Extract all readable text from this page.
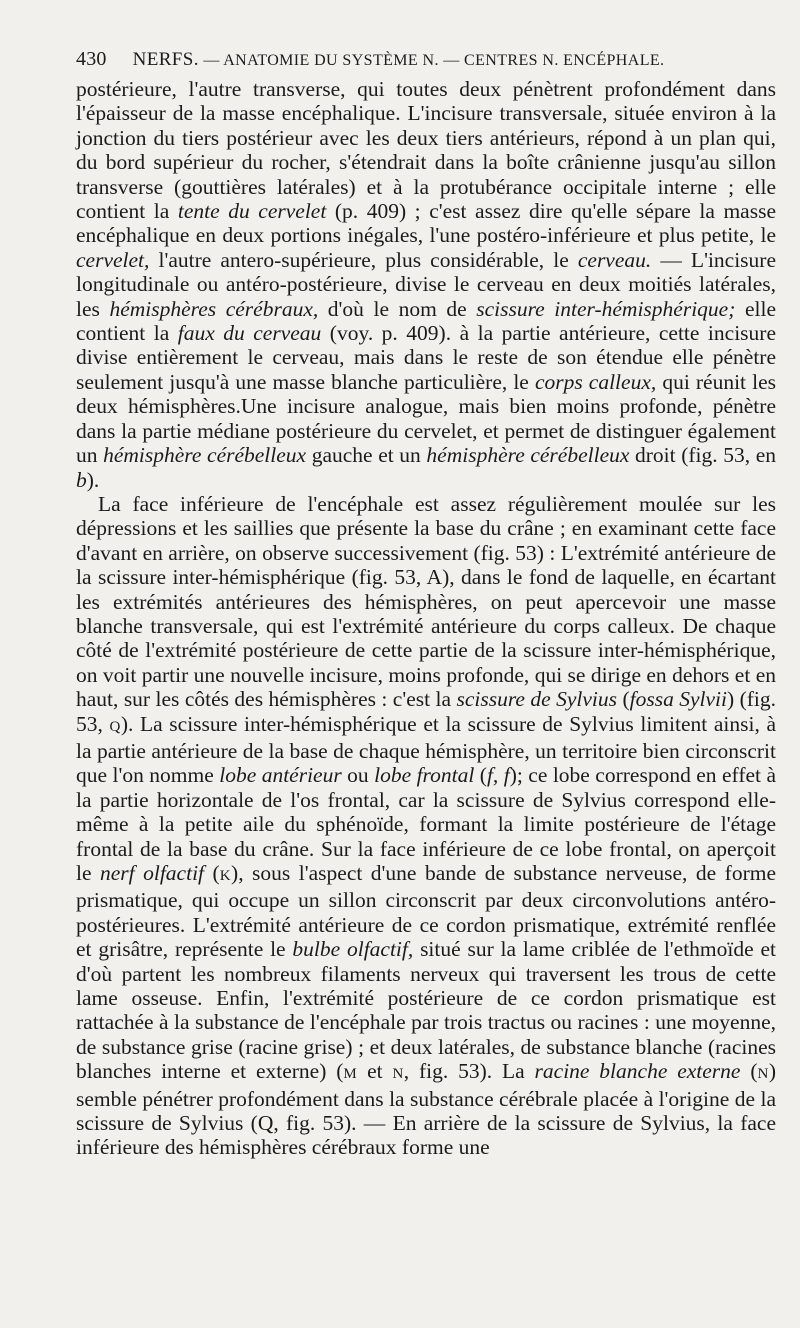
430 NERFS. — ANATOMIE DU SYSTÈME N. — CENTRES N. ENCÉPHALE.

postérieure, l'autre transverse, qui toutes deux pénètrent profondément dans l'épaisseur de la masse encéphalique. L'incisure transversale, située environ à la jonction du tiers postérieur avec les deux tiers antérieurs, répond à un plan qui, du bord supérieur du rocher, s'étendrait dans la boîte crânienne jusqu'au sillon transverse (gouttières latérales) et à la protubérance occipitale interne ; elle contient la tente du cervelet (p. 409) ; c'est assez dire qu'elle sépare la masse encéphalique en deux portions inégales, l'une postéro-inférieure et plus petite, le cervelet, l'autre antero-supérieure, plus considérable, le cerveau. — L'incisure longitudinale ou antéro-postérieure, divise le cerveau en deux moitiés latérales, les hémisphères cérébraux, d'où le nom de scissure inter-hémisphérique; elle contient la faux du cerveau (voy. p. 409). à la partie antérieure, cette incisure divise entièrement le cerveau, mais dans le reste de son étendue elle pénètre seulement jusqu'à une masse blanche particulière, le corps calleux, qui réunit les deux hémisphères.Une incisure analogue, mais bien moins profonde, pénètre dans la partie médiane postérieure du cervelet, et permet de distinguer également un hémisphère cérébelleux gauche et un hémisphère cérébelleux droit (fig. 53, en b).

La face inférieure de l'encéphale est assez régulièrement moulée sur les dépressions et les saillies que présente la base du crâne ; en examinant cette face d'avant en arrière, on observe successivement (fig. 53) : L'extrémité antérieure de la scissure inter-hémisphérique (fig. 53, A), dans le fond de laquelle, en écartant les extrémités antérieures des hémisphères, on peut apercevoir une masse blanche transversale, qui est l'extrémité antérieure du corps calleux. De chaque côté de l'extrémité postérieure de cette partie de la scissure inter-hémisphérique, on voit partir une nouvelle incisure, moins profonde, qui se dirige en dehors et en haut, sur les côtés des hémisphères : c'est la scissure de Sylvius (fossa Sylvii) (fig. 53, Q). La scissure inter-hémisphérique et la scissure de Sylvius limitent ainsi, à la partie antérieure de la base de chaque hémisphère, un territoire bien circonscrit que l'on nomme lobe antérieur ou lobe frontal (f, f); ce lobe correspond en effet à la partie horizontale de l'os frontal, car la scissure de Sylvius correspond elle-même à la petite aile du sphénoïde, formant la limite postérieure de l'étage frontal de la base du crâne. Sur la face inférieure de ce lobe frontal, on aperçoit le nerf olfactif (K), sous l'aspect d'une bande de substance nerveuse, de forme prismatique, qui occupe un sillon circonscrit par deux circonvolutions antéro-postérieures. L'extrémité antérieure de ce cordon prismatique, extrémité renflée et grisâtre, représente le bulbe olfactif, situé sur la lame criblée de l'ethmoïde et d'où partent les nombreux filaments nerveux qui traversent les trous de cette lame osseuse. Enfin, l'extrémité postérieure de ce cordon prismatique est rattachée à la substance de l'encéphale par trois tractus ou racines : une moyenne, de substance grise (racine grise) ; et deux latérales, de substance blanche (racines blanches interne et externe) (M et N, fig. 53). La racine blanche externe (N) semble pénétrer profondément dans la substance cérébrale placée à l'origine de la scissure de Sylvius (Q, fig. 53). — En arrière de la scissure de Sylvius, la face inférieure des hémisphères cérébraux forme une
